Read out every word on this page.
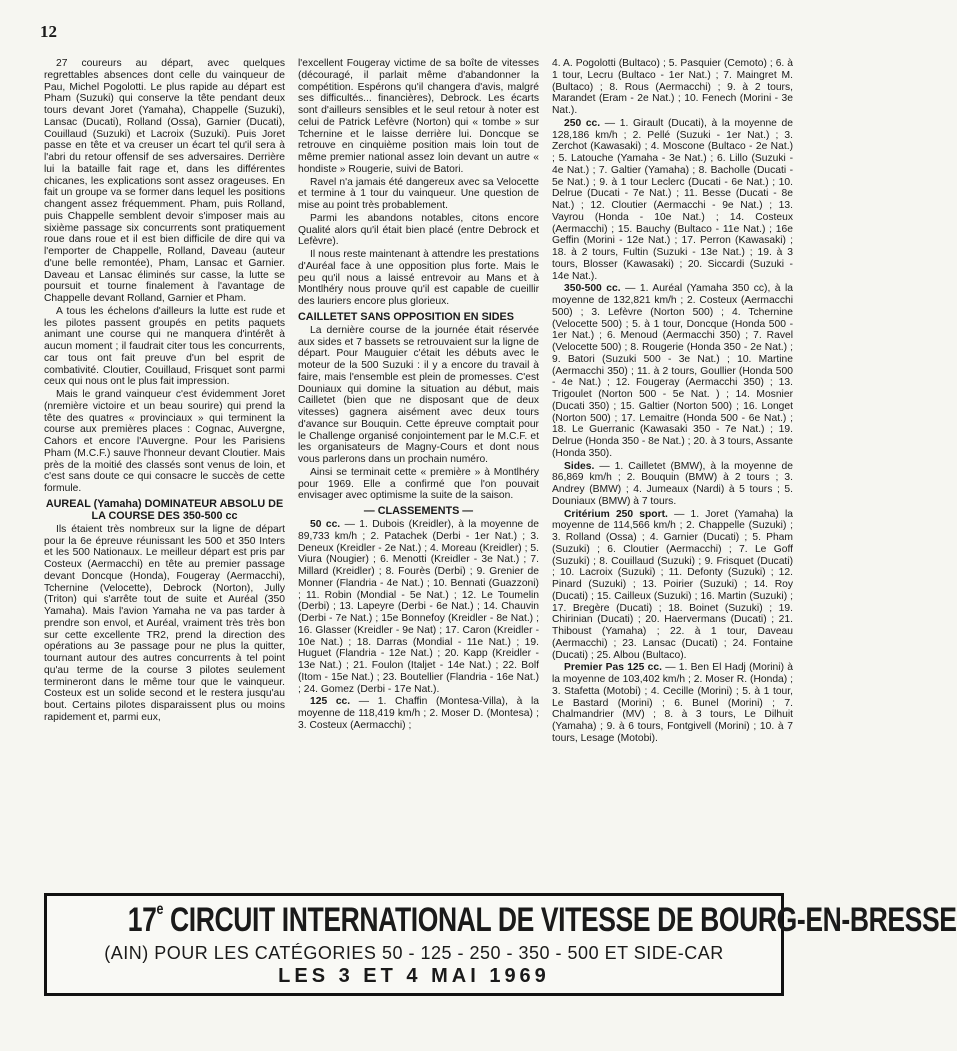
12

27 coureurs au départ, avec quelques regrettables absences dont celle du vainqueur de Pau, Michel Pogolotti. Le plus rapide au départ est Pham (Suzuki) qui conserve la tête pendant deux tours devant Joret (Yamaha), Chappelle (Suzuki), Lansac (Ducati), Rolland (Ossa), Garnier (Ducati), Couillaud (Suzuki) et Lacroix (Suzuki). Puis Joret passe en tête et va creuser un écart tel qu'il sera à l'abri du retour offensif de ses adversaires. Derrière lui la bataille fait rage et, dans les différentes chicanes, les explications sont assez orageuses. En fait un groupe va se former dans lequel les positions changent assez fréquemment. Pham, puis Rolland, puis Chappelle semblent devoir s'imposer mais au sixième passage six concurrents sont pratiquement roue dans roue et il est bien difficile de dire qui va l'emporter de Chappelle, Rolland, Daveau (auteur d'une belle remontée), Pham, Lansac et Garnier. Daveau et Lansac éliminés sur casse, la lutte se poursuit et tourne finalement à l'avantage de Chappelle devant Rolland, Garnier et Pham.

A tous les échelons d'ailleurs la lutte est rude et les pilotes passent groupés en petits paquets animant une course qui ne manquera d'intérêt à aucun moment ; il faudrait citer tous les concurrents, car tous ont fait preuve d'un bel esprit de combativité. Cloutier, Couillaud, Frisquet sont parmi ceux qui nous ont le plus fait impression.

Mais le grand vainqueur c'est évidemment Joret (nremière victoire et un beau sourire) qui prend la tête des quatres « provinciaux » qui terminent la course aux premières places : Cognac, Auvergne, Cahors et encore l'Auvergne. Pour les Parisiens Pham (M.C.F.) sauve l'honneur devant Cloutier. Mais près de la moitié des classés sont venus de loin, et c'est sans doute ce qui consacre le succès de cette formule.

AUREAL (Yamaha) DOMINATEUR ABSOLU DE LA COURSE DES 350-500 cc

Ils étaient très nombreux sur la ligne de départ pour la 6e épreuve réunissant les 500 et 350 Inters et les 500 Nationaux. Le meilleur départ est pris par Costeux (Aermacchi) en tête au premier passage devant Doncque (Honda), Fougeray (Aermacchi), Tchernine (Velocette), Debrock (Norton), Jully (Triton) qui s'arrête tout de suite et Auréal (350 Yamaha). Mais l'avion Yamaha ne va pas tarder à prendre son envol, et Auréal, vraiment très très bon sur cette excellente TR2, prend la direction des opérations au 3e passage pour ne plus la quitter, tournant autour des autres concurrents à tel point qu'au terme de la course 3 pilotes seulement termineront dans le même tour que le vainqueur. Costeux est un solide second et le restera jusqu'au bout. Certains pilotes disparaissent plus ou moins rapidement et, parmi eux,

l'excellent Fougeray victime de sa boîte de vitesses (découragé, il parlait même d'abandonner la compétition. Espérons qu'il changera d'avis, malgré ses difficultés... financières), Debrock. Les écarts sont d'ailleurs sensibles et le seul retour à noter est celui de Patrick Lefèvre (Norton) qui « tombe » sur Tchernine et le laisse derrière lui. Doncque se retrouve en cinquième position mais loin tout de même premier national assez loin devant un autre « hondiste » Rougerie, suivi de Batori.

Ravel n'a jamais été dangereux avec sa Velocette et termine à 1 tour du vainqueur. Une question de mise au point très probablement.

Parmi les abandons notables, citons encore Qualité alors qu'il était bien placé (entre Debrock et Lefèvre).

Il nous reste maintenant à attendre les prestations d'Auréal face à une opposition plus forte. Mais le peu qu'il nous a laissé entrevoir au Mans et à Montlhéry nous prouve qu'il est capable de cueillir des lauriers encore plus glorieux.

CAILLETET SANS OPPOSITION EN SIDES

La dernière course de la journée était réservée aux sides et 7 bassets se retrouvaient sur la ligne de départ. Pour Mauguier c'était les débuts avec le moteur de la 500 Suzuki : il y a encore du travail à faire, mais l'ensemble est plein de promesses. C'est Douniaux qui domine la situation au début, mais Cailletet (bien que ne disposant que de deux vitesses) gagnera aisément avec deux tours d'avance sur Bouquin. Cette épreuve comptait pour le Challenge organisé conjointement par le M.C.F. et les organisateurs de Magny-Cours et dont nous vous parlerons dans un prochain numéro.

Ainsi se terminait cette « première » à Montlhéry pour 1969. Elle a confirmé que l'on pouvait envisager avec optimisme la suite de la saison.

— CLASSEMENTS —

50 cc. — 1. Dubois (Kreidler), à la moyenne de 89,733 km/h ; 2. Patachek (Derbi - 1er Nat.) ; 3. Deneux (Kreidler - 2e Nat.) ; 4. Moreau (Kreidler) ; 5. Viura (Nougier) ; 6. Menotti (Kreidler - 3e Nat.) ; 7. Millard (Kreidler) ; 8. Fourès (Derbi) ; 9. Grenier de Monner (Flandria - 4e Nat.) ; 10. Bennati (Guazzoni) ; 11. Robin (Mondial - 5e Nat.) ; 12. Le Toumelin (Derbi) ; 13. Lapeyre (Derbi - 6e Nat.) ; 14. Chauvin (Derbi - 7e Nat.) ; 15e Bonnefoy (Kreidler - 8e Nat.) ; 16. Glasser (Kreidler - 9e Nat) ; 17. Caron (Kreidler - 10e Nat.) ; 18. Darras (Mondial - 11e Nat.) ; 19. Huguet (Flandria - 12e Nat.) ; 20. Kapp (Kreidler - 13e Nat.) ; 21. Foulon (Italjet - 14e Nat.) ; 22. Bolf (Itom - 15e Nat.) ; 23. Boutellier (Flandria - 16e Nat.) ; 24. Gomez (Derbi - 17e Nat.).

125 cc. — 1. Chaffin (Montesa-Villa), à la moyenne de 118,419 km/h ; 2. Moser D. (Montesa) ; 3. Costeux (Aermacchi) ;

4. A. Pogolotti (Bultaco) ; 5. Pasquier (Cemoto) ; 6. à 1 tour, Lecru (Bultaco - 1er Nat.) ; 7. Maingret M. (Bultaco) ; 8. Rous (Aermacchi) ; 9. à 2 tours, Marandet (Eram - 2e Nat.) ; 10. Fenech (Morini - 3e Nat.).

250 cc. — 1. Girault (Ducati), à la moyenne de 128,186 km/h ; 2. Pellé (Suzuki - 1er Nat.) ; 3. Zerchot (Kawasaki) ; 4. Moscone (Bultaco - 2e Nat.) ; 5. Latouche (Yamaha - 3e Nat.) ; 6. Lillo (Suzuki - 4e Nat.) ; 7. Galtier (Yamaha) ; 8. Bacholle (Ducati - 5e Nat.) ; 9. à 1 tour Leclerc (Ducati - 6e Nat.) ; 10. Delrue (Ducati - 7e Nat.) ; 11. Besse (Ducati - 8e Nat.) ; 12. Cloutier (Aermacchi - 9e Nat.) ; 13. Vayrou (Honda - 10e Nat.) ; 14. Costeux (Aermacchi) ; 15. Bauchy (Bultaco - 11e Nat.) ; 16e Geffin (Morini - 12e Nat.) ; 17. Perron (Kawasaki) ; 18. à 2 tours, Fultin (Suzuki - 13e Nat.) ; 19. à 3 tours, Blosser (Kawasaki) ; 20. Siccardi (Suzuki - 14e Nat.).

350-500 cc. — 1. Auréal (Yamaha 350 cc), à la moyenne de 132,821 km/h ; 2. Costeux (Aermacchi 500) ; 3. Lefèvre (Norton 500) ; 4. Tchernine (Velocette 500) ; 5. à 1 tour, Doncque (Honda 500 - 1er Nat.) ; 6. Menoud (Aermacchi 350) ; 7. Ravel (Velocette 500) ; 8. Rougerie (Honda 350 - 2e Nat.) ; 9. Batori (Suzuki 500 - 3e Nat.) ; 10. Martine (Aermacchi 350) ; 11. à 2 tours, Goullier (Honda 500 - 4e Nat.) ; 12. Fougeray (Aermacchi 350) ; 13. Trigoulet (Norton 500 - 5e Nat. ) ; 14. Mosnier (Ducati 350) ; 15. Galtier (Norton 500) ; 16. Longet (Norton 500) ; 17. Lemaitre (Honda 500 - 6e Nat.) ; 18. Le Guerranic (Kawasaki 350 - 7e Nat.) ; 19. Delrue (Honda 350 - 8e Nat.) ; 20. à 3 tours, Assante (Honda 350).

Sides. — 1. Cailletet (BMW), à la moyenne de 86,869 km/h ; 2. Bouquin (BMW) à 2 tours ; 3. Andrey (BMW) ; 4. Jumeaux (Nardi) à 5 tours ; 5. Douniaux (BMW) à 7 tours.

Critérium 250 sport. — 1. Joret (Yamaha) la moyenne de 114,566 km/h ; 2. Chappelle (Suzuki) ; 3. Rolland (Ossa) ; 4. Garnier (Ducati) ; 5. Pham (Suzuki) ; 6. Cloutier (Aermacchi) ; 7. Le Goff (Suzuki) ; 8. Couillaud (Suzuki) ; 9. Frisquet (Ducati) ; 10. Lacroix (Suzuki) ; 11. Defonty (Suzuki) ; 12. Pinard (Suzuki) ; 13. Poirier (Suzuki) ; 14. Roy (Ducati) ; 15. Cailleux (Suzuki) ; 16. Martin (Suzuki) ; 17. Bregère (Ducati) ; 18. Boinet (Suzuki) ; 19. Chirinian (Ducati) ; 20. Haervermans (Ducati) ; 21. Thiboust (Yamaha) ; 22. à 1 tour, Daveau (Aermacchi) ; 23. Lansac (Ducati) ; 24. Fontaine (Ducati) ; 25. Albou (Bultaco).

Premier Pas 125 cc. — 1. Ben El Hadj (Morini) à la moyenne de 103,402 km/h ; 2. Moser R. (Honda) ; 3. Stafetta (Motobi) ; 4. Cecille (Morini) ; 5. à 1 tour, Le Bastard (Morini) ; 6. Bunel (Morini) ; 7. Chalmandrier (MV) ; 8. à 3 tours, Le Dilhuit (Yamaha) ; 9. à 6 tours, Fontgivell (Morini) ; 10. à 7 tours, Lesage (Motobi).

17e CIRCUIT INTERNATIONAL DE VITESSE DE BOURG-EN-BRESSE
(AIN) POUR LES CATÉGORIES 50 - 125 - 250 - 350 - 500 ET SIDE-CAR
LES 3 ET 4 MAI 1969
